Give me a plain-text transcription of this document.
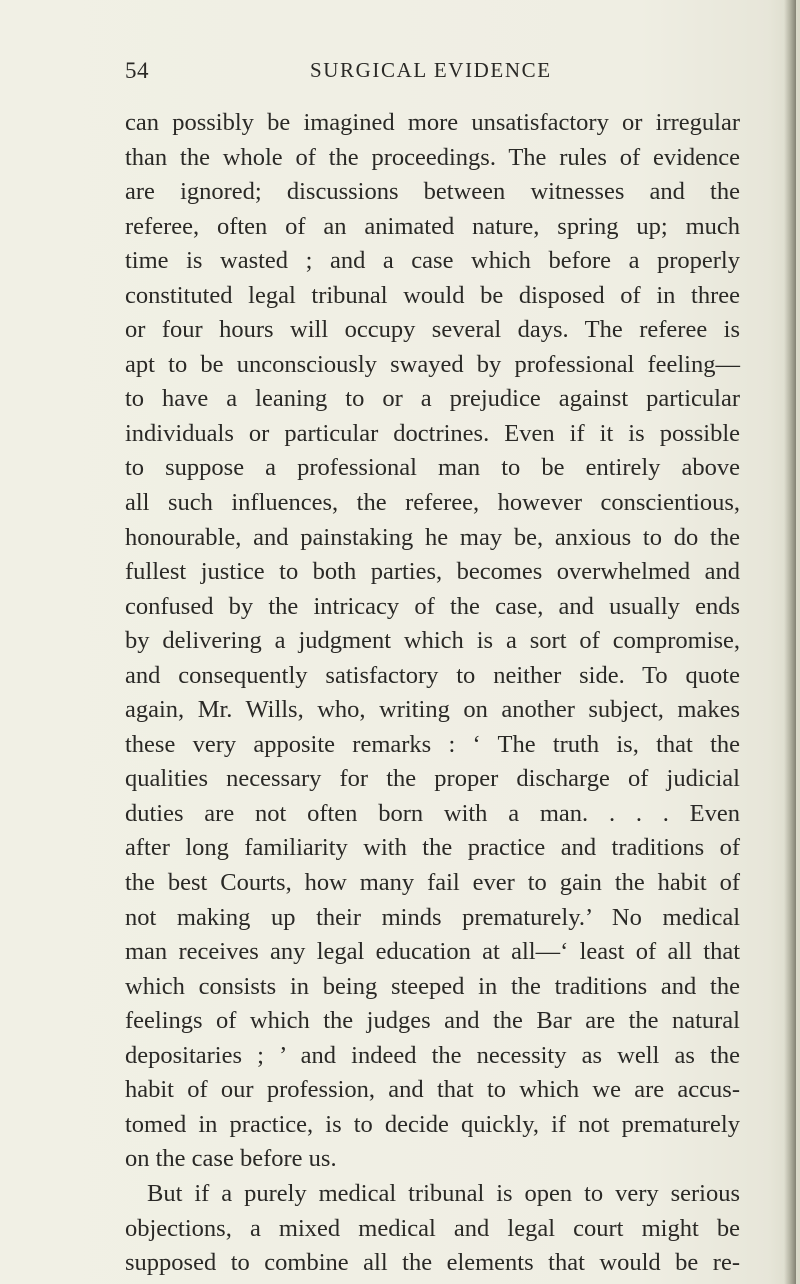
54	SURGICAL EVIDENCE
can possibly be imagined more unsatisfactory or irregular
than the whole of the proceedings. The rules of evidence
are ignored; discussions between witnesses and the
referee, often of an animated nature, spring up; much
time is wasted ; and a case which before a properly
constituted legal tribunal would be disposed of in three
or four hours will occupy several days. The referee is
apt to be unconsciously swayed by professional feeling—
to have a leaning to or a prejudice against particular
individuals or particular doctrines. Even if it is possible
to suppose a professional man to be entirely above
all such influences, the referee, however conscientious,
honourable, and painstaking he may be, anxious to do the
fullest justice to both parties, becomes overwhelmed and
confused by the intricacy of the case, and usually ends
by delivering a judgment which is a sort of compromise,
and consequently satisfactory to neither side. To quote
again, Mr. Wills, who, writing on another subject, makes
these very apposite remarks : ‘ The truth is, that the
qualities necessary for the proper discharge of judicial
duties are not often born with a man. . . . Even
after long familiarity with the practice and traditions of
the best Courts, how many fail ever to gain the habit of
not making up their minds prematurely.’ No medical
man receives any legal education at all—‘ least of all that
which consists in being steeped in the traditions and the
feelings of which the judges and the Bar are the natural
depositaries ; ’ and indeed the necessity as well as the
habit of our profession, and that to which we are accus-
tomed in practice, is to decide quickly, if not prematurely
on the case before us.
But if a purely medical tribunal is open to very serious
objections, a mixed medical and legal court might be
supposed to combine all the elements that would be re-
